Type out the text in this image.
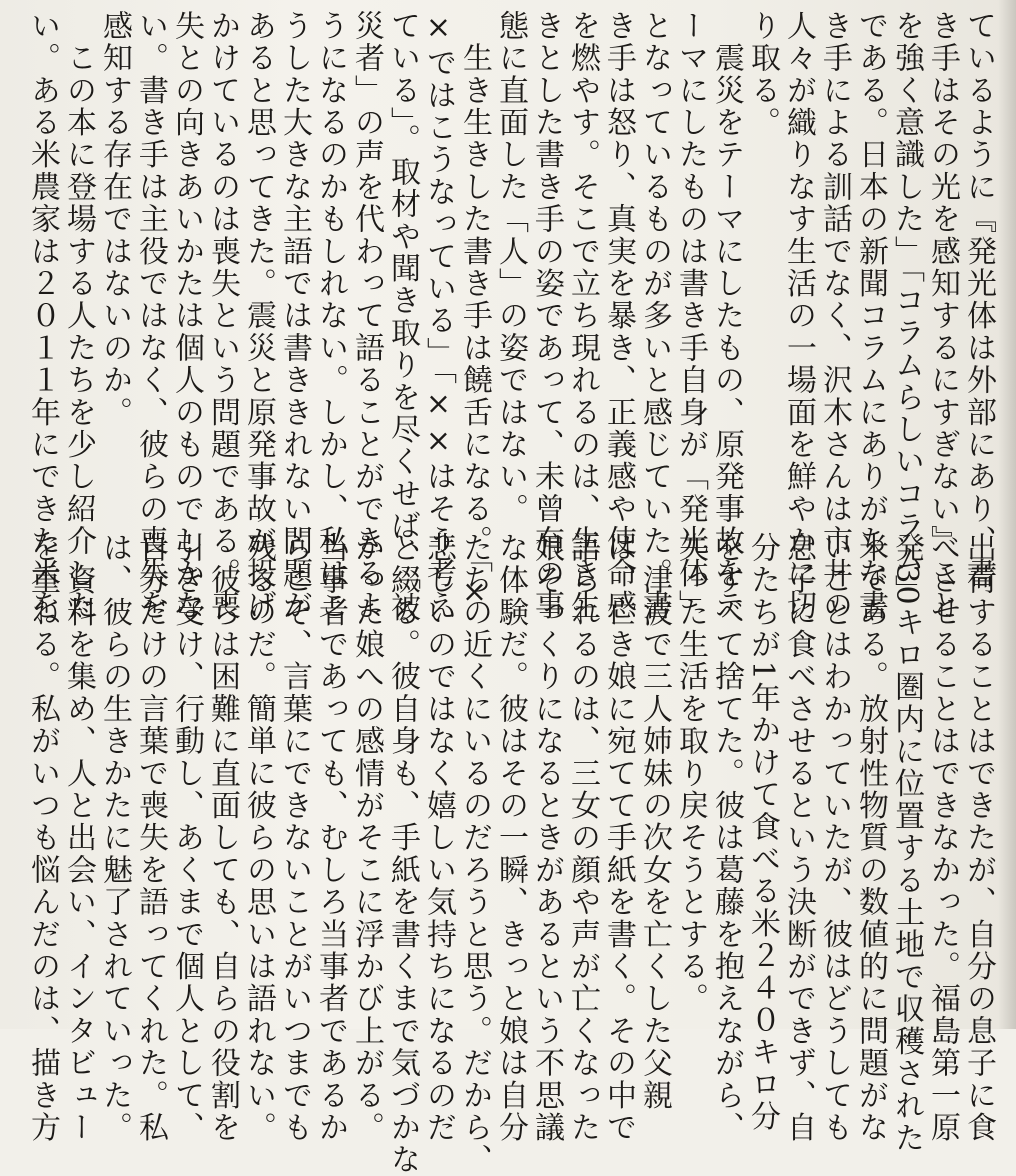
ているように『発光体は外部にあり、書
き手はその光を感知するにすぎない』こと
を強く意識した」「コラムらしいコラム」
である。日本の新聞コラムにありがちな書
き手による訓話でなく、沢木さんは市井の
人々が織りなす生活の一場面を鮮やかに切
り取る。
　震災をテーマにしたもの、原発事故をテ
ーマにしたものは書き手自身が「発光体」
となっているものが多いと感じていた。書
き手は怒り、真実を暴き、正義感や使命感
を燃やす。そこで立ち現れるのは、生き生
きとした書き手の姿であって、未曾有の事
態に直面した「人」の姿ではない。
　生き生きした書き手は饒舌になる。「×
×ではこうなっている」「××はそう考え
ている」。取材や聞き取りを尽くせば、「被
災者」の声を代わって語ることができるよ
うになるのかもしれない。しかし、私はこ
うした大きな主語では書ききれない問題が
あると思ってきた。震災と原発事故が投げ
かけているのは喪失という問題である。喪
失との向きあいかたは個人のものでしかな
い。書き手は主役ではなく、彼らの喪失を
感知する存在ではないのか。
　この本に登場する人たちを少し紹介した
い。ある米農家は２０１１年にできた米を
出荷することはできたが、自分の息子に食
べさせることはできなかった。福島第一原
発30キロ圏内に位置する土地で収穫された
米である。放射性物質の数値的に問題がな
いことはわかっていたが、彼はどうしても
息子に食べさせるという決断ができず、自
分たちが1年かけて食べる米２４０キロ分
をすべて捨てた。彼は葛藤を抱えながら、
失った生活を取り戻そうとする。
　津波で三人姉妹の次女を亡くした父親
は、亡き娘に宛てて手紙を書く。その中で
語られるのは、三女の顔や声が亡くなった
娘そっくりになるときがあるという不思議
な体験だ。彼はその一瞬、きっと娘は自分
たちの近くにいるのだろうと思う。だから、
悲しいのではなく嬉しい気持ちになるのだ
と綴る。彼自身も、手紙を書くまで気づかな
かった娘への感情がそこに浮かび上がる。
当事者であっても、むしろ当事者であるか
らこそ、言葉にできないことがいつまでも
残るのだ。簡単に彼らの思いは語れない。
　彼らは困難に直面しても、自らの役割を
引き受け、行動し、あくまで個人として、
自分だけの言葉で喪失を語ってくれた。私
は、彼らの生きかたに魅了されていった。
　資料を集め、人と出会い、インタビュー
を重ねる。私がいつも悩んだのは、描き方
